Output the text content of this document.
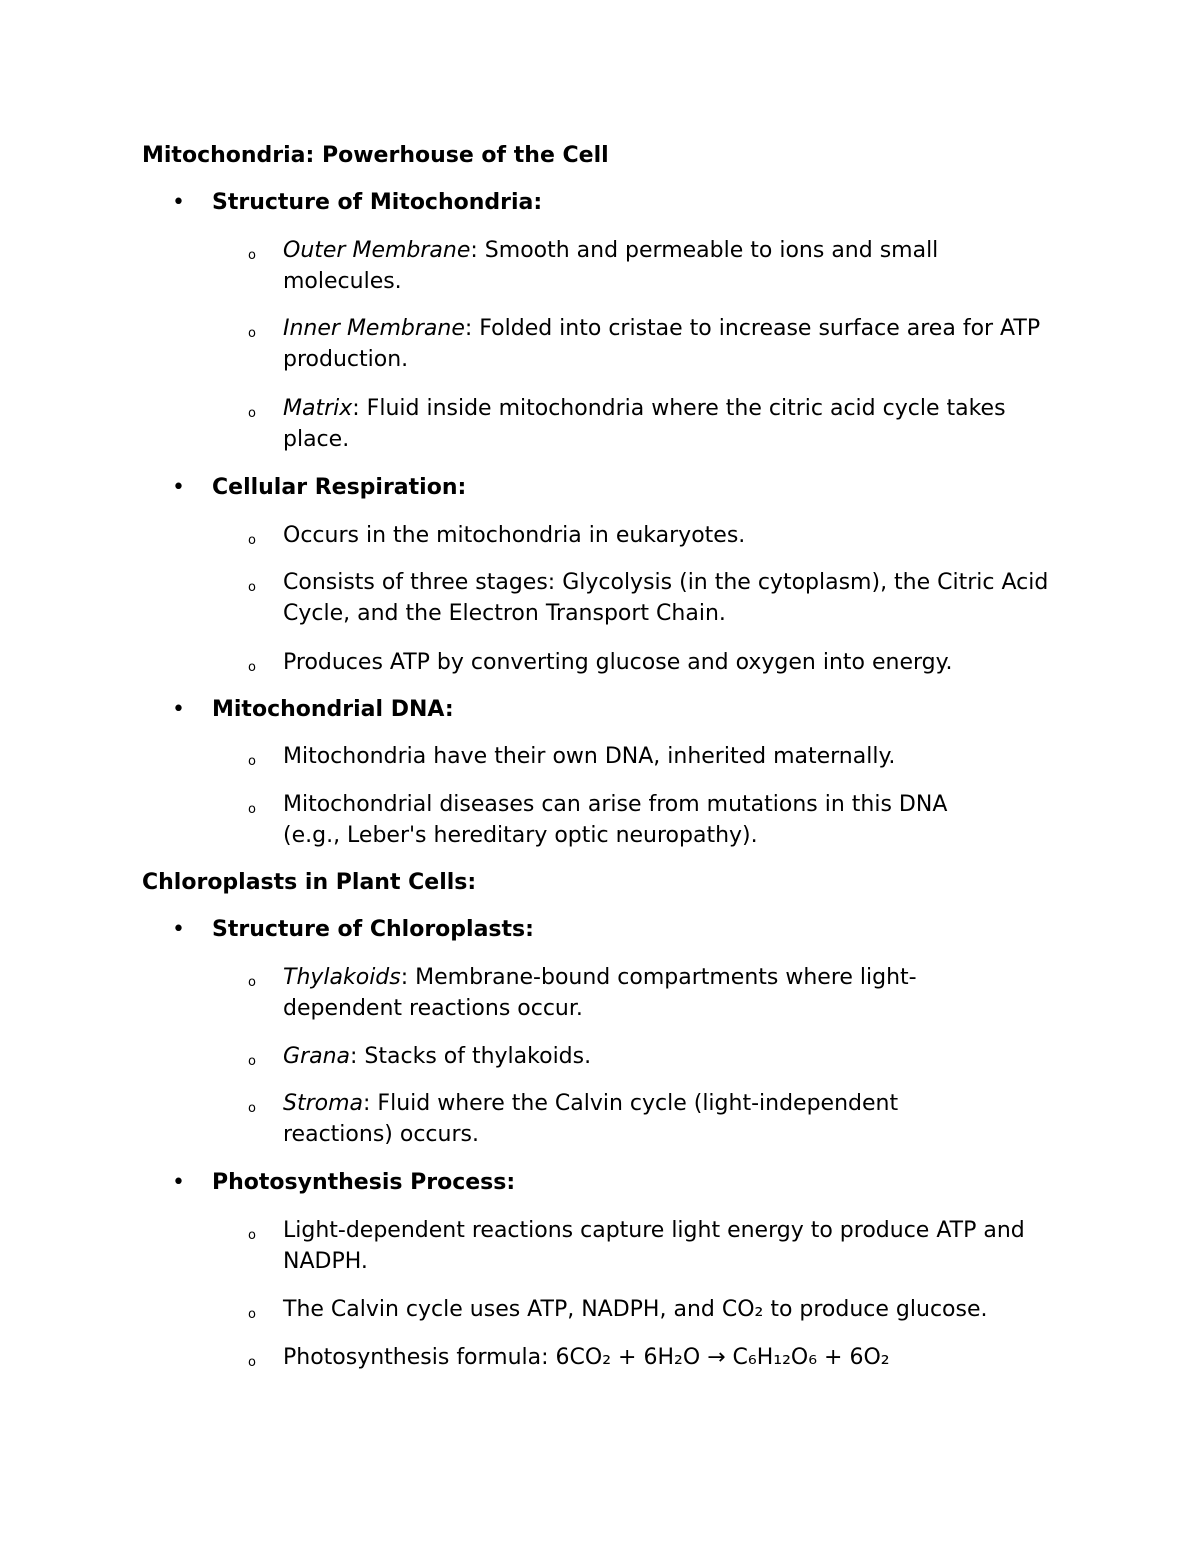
Mitochondria: Powerhouse of the Cell
• Structure of Mitochondria:
o Outer Membrane: Smooth and permeable to ions and small molecules.
o Inner Membrane: Folded into cristae to increase surface area for ATP production.
o Matrix: Fluid inside mitochondria where the citric acid cycle takes place.
• Cellular Respiration:
o Occurs in the mitochondria in eukaryotes.
o Consists of three stages: Glycolysis (in the cytoplasm), the Citric Acid Cycle, and the Electron Transport Chain.
o Produces ATP by converting glucose and oxygen into energy.
• Mitochondrial DNA:
o Mitochondria have their own DNA, inherited maternally.
o Mitochondrial diseases can arise from mutations in this DNA (e.g., Leber's hereditary optic neuropathy).
Chloroplasts in Plant Cells:
• Structure of Chloroplasts:
o Thylakoids: Membrane-bound compartments where light-dependent reactions occur.
o Grana: Stacks of thylakoids.
o Stroma: Fluid where the Calvin cycle (light-independent reactions) occurs.
• Photosynthesis Process:
o Light-dependent reactions capture light energy to produce ATP and NADPH.
o The Calvin cycle uses ATP, NADPH, and CO₂ to produce glucose.
o Photosynthesis formula: 6CO₂ + 6H₂O → C₆H₁₂O₆ + 6O₂
